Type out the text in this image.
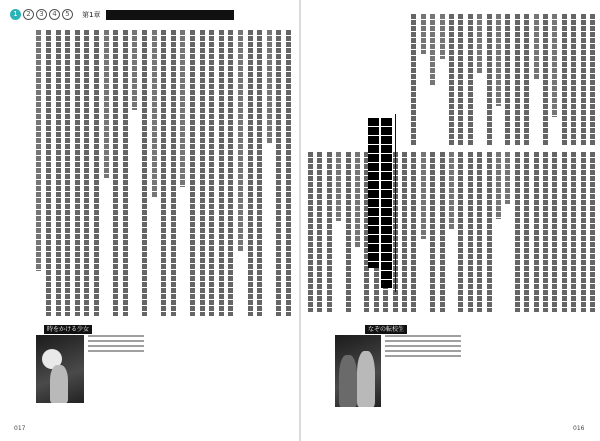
1	2	3	4	5	第1章
時をかける少女	なぞの転校生
017	016
